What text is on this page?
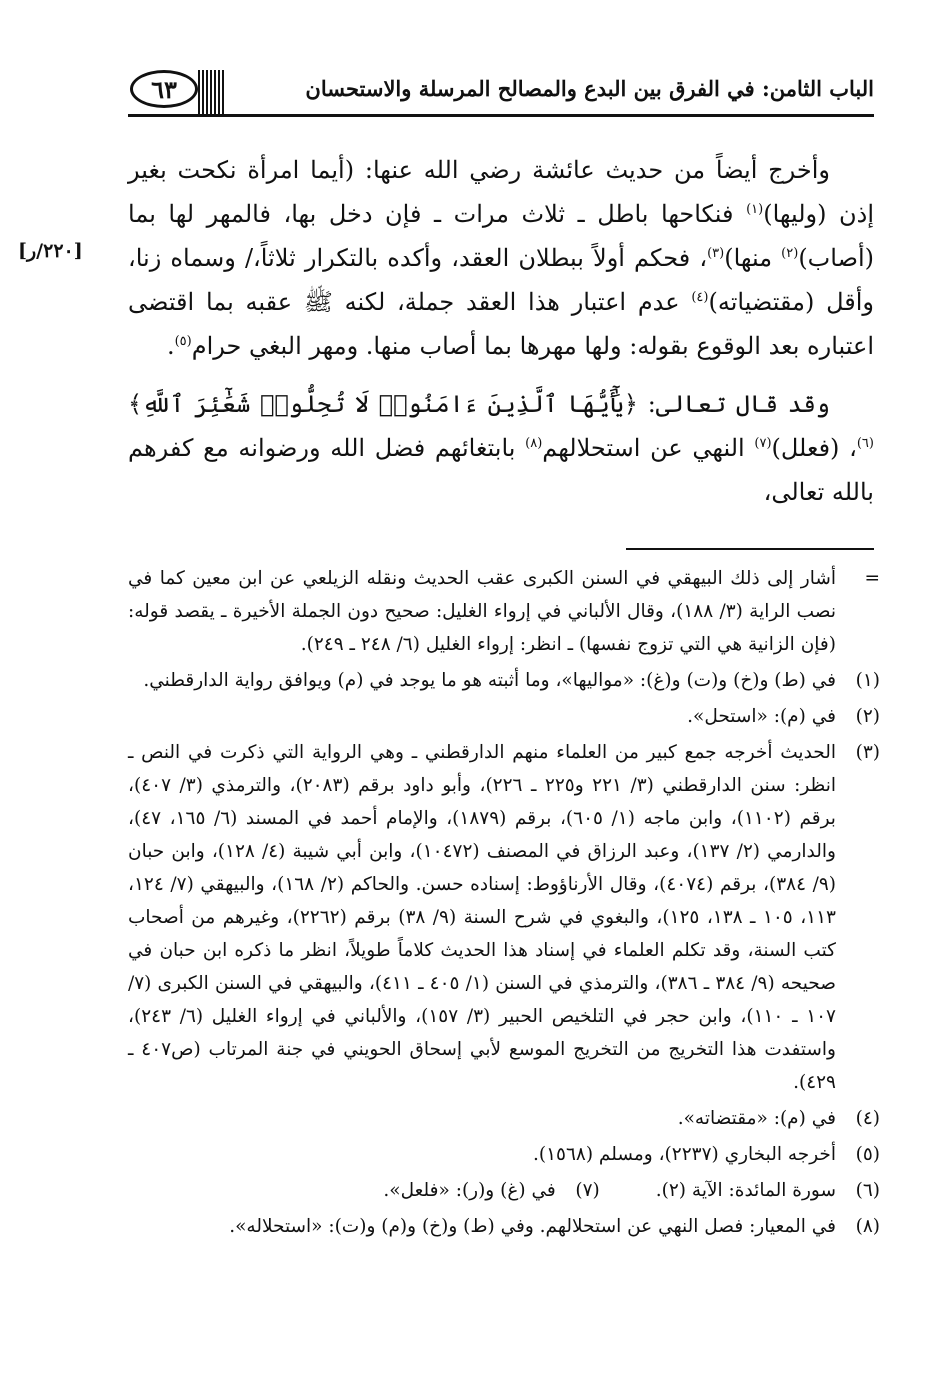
الباب الثامن: في الفرق بين البدع والمصالح المرسلة والاستحسان
٦٣
[٢٢٠/ر]

وأخرج أيضاً من حديث عائشة رضي الله عنها: (أيما امرأة نكحت بغير إذن (وليها)$^{(١)}$ فنكاحها باطل ـ ثلاث مرات ـ فإن دخل بها، فالمهر لها بما (أصاب)$^{(٢)}$ منها)$^{(٣)}$، فحكم أولاً ببطلان العقد، وأكده بالتكرار ثلاثاً،/ وسماه زنا، وأقل (مقتضياته)$^{(٤)}$ عدم اعتبار هذا العقد جملة، لكنه ﷺ عقبه بما اقتضى اعتباره بعد الوقوع بقوله: ولها مهرها بما أصاب منها. ومهر البغي حرام$^{(٥)}$.

وقد قال تعالى: ﴿يَٰٓأَيُّهَا ٱلَّذِينَ ءَامَنُوا۟ لَا تُحِلُّوا۟ شَعَٰٓئِرَ ٱللَّهِ﴾$^{(٦)}$، (فعلل)$^{(٧)}$ النهي عن استحلالهم$^{(٨)}$ بابتغائهم فضل الله ورضوانه مع كفرهم بالله تعالى،

=
أشار إلى ذلك البيهقي في السنن الكبرى عقب الحديث ونقله الزيلعي عن ابن معين كما في نصب الراية (٣/ ١٨٨)، وقال الألباني في إرواء الغليل: صحيح دون الجملة الأخيرة ـ يقصد قوله: (فإن الزانية هي التي تزوج نفسها) ـ انظر: إرواء الغليل (٦/ ٢٤٨ ـ ٢٤٩).
(١)
في (ط) و(خ) و(ت) و(غ): «مواليها»، وما أثبته هو ما يوجد في (م) ويوافق رواية الدارقطني.
(٢)
في (م): «استحل».
(٣)
الحديث أخرجه جمع كبير من العلماء منهم الدارقطني ـ وهي الرواية التي ذكرت في النص ـ انظر: سنن الدارقطني (٣/ ٢٢١ و٢٢٥ ـ ٢٢٦)، وأبو داود برقم (٢٠٨٣)، والترمذي (٣/ ٤٠٧)، برقم (١١٠٢)، وابن ماجه (١/ ٦٠٥)، برقم (١٨٧٩)، والإمام أحمد في المسند (٦/ ١٦٥، ٤٧)، والدارمي (٢/ ١٣٧)، وعبد الرزاق في المصنف (١٠٤٧٢)، وابن أبي شيبة (٤/ ١٢٨)، وابن حبان (٩/ ٣٨٤)، برقم (٤٠٧٤)، وقال الأرناؤوط: إسناده حسن. والحاكم (٢/ ١٦٨)، والبيهقي (٧/ ١٢٤، ١١٣، ١٠٥ ـ ١٣٨، ١٢٥)، والبغوي في شرح السنة (٩/ ٣٨) برقم (٢٢٦٢)، وغيرهم من أصحاب كتب السنة، وقد تكلم العلماء في إسناد هذا الحديث كلاماً طويلاً، انظر ما ذكره ابن حبان في صحيحه (٩/ ٣٨٤ ـ ٣٨٦)، والترمذي في السنن (١/ ٤٠٥ ـ ٤١١)، والبيهقي في السنن الكبرى (٧/ ١٠٧ ـ ١١٠)، وابن حجر في التلخيص الحبير (٣/ ١٥٧)، والألباني في إرواء الغليل (٦/ ٢٤٣)، واستفدت هذا التخريج من التخريج الموسع لأبي إسحاق الحويني في جنة المرتاب (ص٤٠٧ ـ ٤٢٩).
(٤)
في (م): «مقتضاته».
(٥)
أخرجه البخاري (٢٢٣٧)، ومسلم (١٥٦٨).
(٦)
سورة المائدة: الآية (٢).
(٧)
في (غ) و(ر): «فلعل».
(٨)
في المعيار: فصل النهي عن استحلالهم. وفي (ط) و(خ) و(م) و(ت): «استحلاله».
